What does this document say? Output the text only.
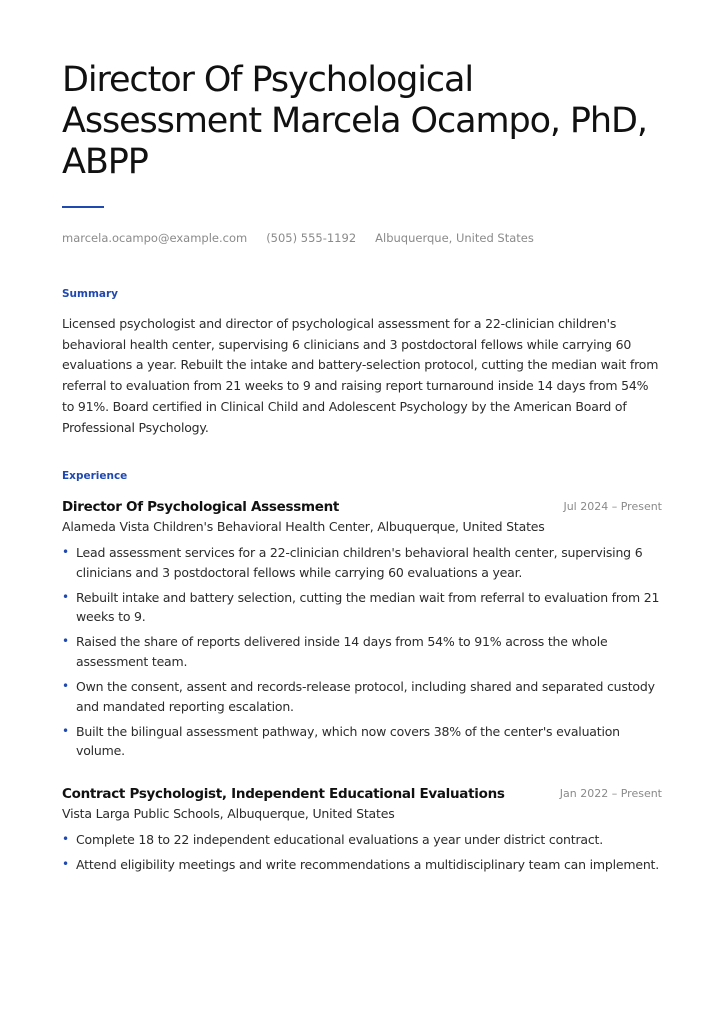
Director Of Psychological Assessment Marcela Ocampo, PhD, ABPP
marcela.ocampo@example.com (505) 555-1192 Albuquerque, United States
Summary

Licensed psychologist and director of psychological assessment for a 22-clinician children's behavioral health center, supervising 6 clinicians and 3 postdoctoral fellows while carrying 60 evaluations a year. Rebuilt the intake and battery-selection protocol, cutting the median wait from referral to evaluation from 21 weeks to 9 and raising report turnaround inside 14 days from 54% to 91%. Board certified in Clinical Child and Adolescent Psychology by the American Board of Professional Psychology.

Experience
Director Of Psychological Assessment	Jul 2024 – Present
Alameda Vista Children's Behavioral Health Center, Albuquerque, United States
• Lead assessment services for a 22-clinician children's behavioral health center, supervising 6 clinicians and 3 postdoctoral fellows while carrying 60 evaluations a year.
• Rebuilt intake and battery selection, cutting the median wait from referral to evaluation from 21 weeks to 9.
• Raised the share of reports delivered inside 14 days from 54% to 91% across the whole assessment team.
• Own the consent, assent and records-release protocol, including shared and separated custody and mandated reporting escalation.
• Built the bilingual assessment pathway, which now covers 38% of the center's evaluation volume.
Contract Psychologist, Independent Educational Evaluations	Jan 2022 – Present
Vista Larga Public Schools, Albuquerque, United States
• Complete 18 to 22 independent educational evaluations a year under district contract.
• Attend eligibility meetings and write recommendations a multidisciplinary team can implement.
